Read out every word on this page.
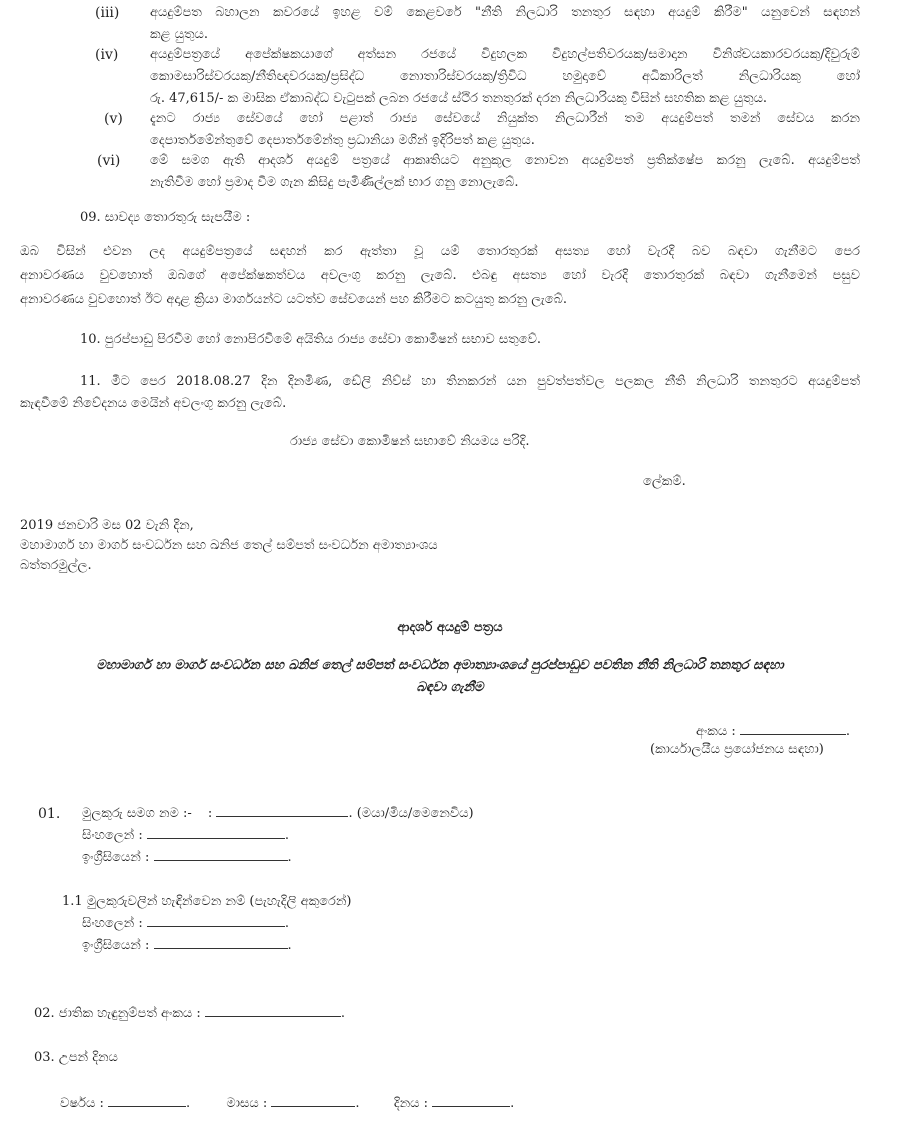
(iii) අයදුම්පත බහාලන කවරයේ ඉහළ වම් කෙළවරේ "නීති නිලධාරි තනතුර සඳහා අයදුම් කිරීම" යනුවෙන් සඳහන්
කළ යුතුය.
(iv) අයදුම්පත්‍රයේ අපේක්ෂකයාගේ අත්සන රජයේ විදුහලක විදුහල්පතිවරයකු/සමාදාන විනිශ්චයකාරවරයකු/දිවුරුම්
කොමසාරිස්වරයකු/නීතිඥවරයකු/ප්‍රසිද්ධ නොතාරිස්වරයකු/ත්‍රිවිධ හමුදාවේ අධිකාරිලත් නිලධාරියකු හෝ
රු. 47,615/- ක මාසික ඒකාබද්ධ වැටුපක් ලබන රජයේ ස්ථිර තනතුරක් දරන නිලධාරියකු විසින් සහතික කළ යුතුය.
(v) දැනට රාජ්‍ය සේවයේ හෝ පළාත් රාජ්‍ය සේවයේ නියුක්ත නිලධාරීන් තම අයදුම්පත් තමන් සේවය කරන
දෙපාර්තමේන්තුවේ දෙපාර්තමේන්තු ප්‍රධානියා මගින් ඉදිරිපත් කළ යුතුය.
(vi) මේ සමග ඇති ආදර්ශ අයදුම් පත්‍රයේ ආකෘතියට අනුකූල නොවන අයදුම්පත් ප්‍රතික්ෂේප කරනු ලැබේ. අයදුම්පත්
නැතිවීම හෝ ප්‍රමාද වීම ගැන කිසිදු පැමිණිල්ලක් භාර ගනු නොලැබේ.
09. සාවද්‍ය තොරතුරු සැපයීම :
ඔබ විසින් එවන ලද අයදුම්පත්‍රයේ සඳහන් කර ඇත්තා වූ යම් තොරතුරක් අසත්‍ය හෝ වැරදි බව බඳවා ගැනීමට පෙර
අනාවරණය වුවහොත් ඔබගේ අපේක්ෂකත්වය අවලංගු කරනු ලැබේ. එබඳු අසත්‍ය හෝ වැරදි තොරතුරක් බඳවා ගැනීමෙන් පසුව
අනාවරණය වුවහොත් ඊට අදාළ ක්‍රියා මාර්ගයන්ට යටත්ව සේවයෙන් පහ කිරීමට කටයුතු කරනු ලැබේ.
10. පුරප්පාඩු පිරවීම හෝ නොපිරවීමේ අයිතිය රාජ්‍ය සේවා කොමිෂන් සභාව සතුවේ.
11. මීට පෙර 2018.08.27 දින දිනමිණ, ඩේලි නිව්ස් හා තිනකරන් යන පුවත්පත්වල පලකල නීති නිලධාරි තනතුරට අයදුම්පත්
කැඳවීමේ නිවේදනය මෙයින් අවලංගු කරනු ලැබේ.
රාජ්‍ය සේවා කොමිෂන් සභාවේ නියමය පරිදි.
ලේකම්.
2019 ජනවාරි මස 02 වැනි දින,
මහාමාර්ග හා මාර්ග සංවර්ධන සහ ඛනිජ තෙල් සම්පත් සංවර්ධන අමාත්‍යාංශය
බත්තරමුල්ල.
ආදර්ශ අයදුම් පත්‍රය
මහාමාර්ග හා මාර්ග සංවර්ධන සහ ඛනිජ තෙල් සම්පත් සංවර්ධන අමාත්‍යාංශයේ පුරප්පාඩුව පවතින නීති නිලධාරි තනතුර සඳහා
බඳවා ගැනීම
අංකය :	.
(කාර්යාලයීය ප්‍රයෝජනය සඳහා)
01. මුලකුරු සමග නම :- :	. (මයා/මිය/මෙනෙවිය)
සිංහලෙන් :	.
ඉංග්‍රීසියෙන් :	.
1.1 මුලකුරුවලින් හැඳින්වෙන නම් (පැහැදිලි අකුරෙන්)
සිංහලෙන් :	.
ඉංග්‍රීසියෙන් :	.
02. ජාතික හැඳුනුම්පත් අංකය :	.
03. උපන් දිනය
වර්ෂය :	.	මාසය :	.	දිනය :	.
